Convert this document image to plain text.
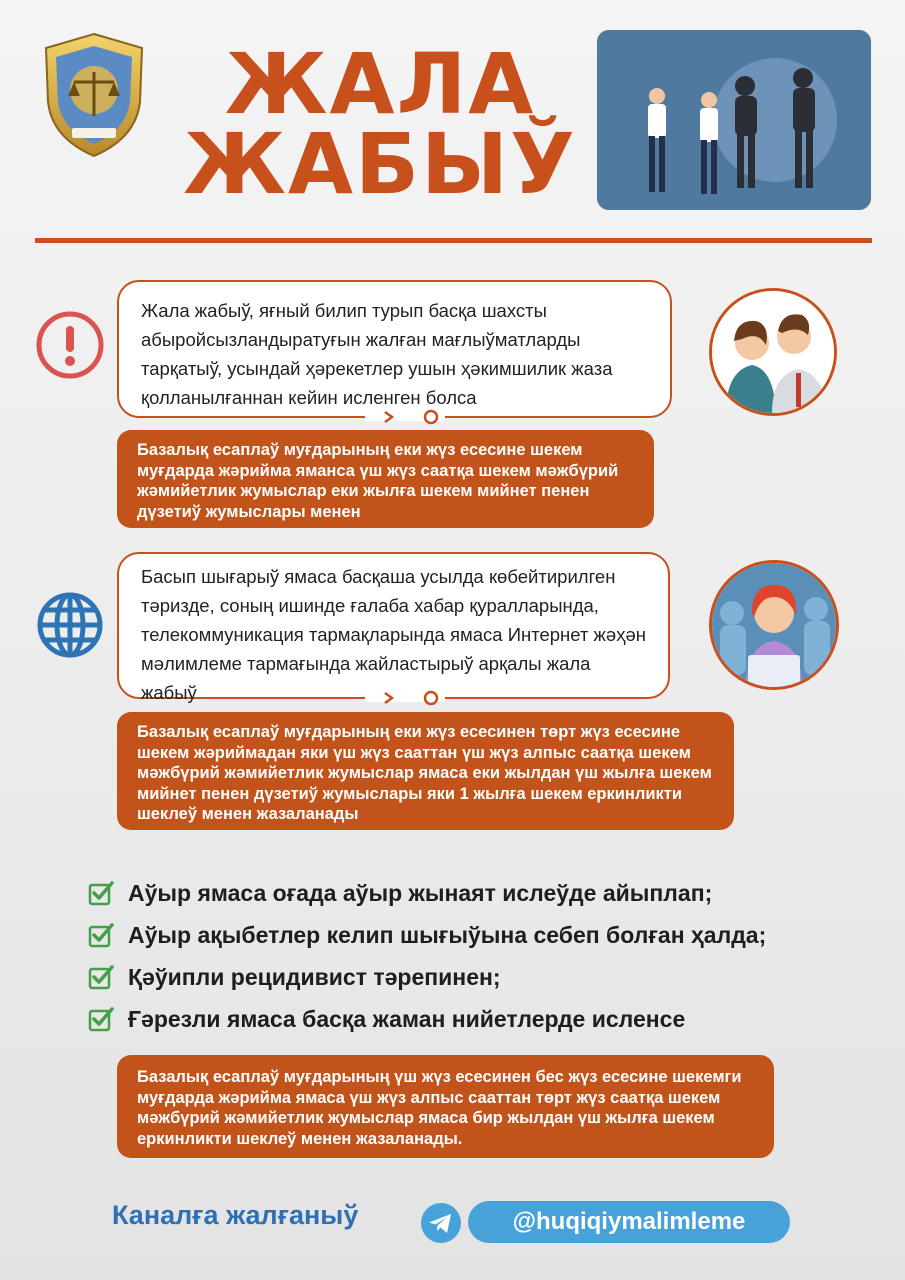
ЖАЛА
ЖАБЫЎ
Жала жабыў, яғный билип турып басқа шахсты абыройсызландыратуғын жалған мағлыўматларды тарқатыў, усындай ҳәрекетлер ушын ҳәкимшилик жаза қолланылғаннан кейин исленген болса
Базалық есаплаў муғдарының еки жүз есесине шекем муғдарда жәрийма яманса үш жүз саатқа шекем мәжбүрий жәмийетлик жумыслар еки жылға шекем мийнет пенен дүзетиў жумыслары менен
Басып шығарыў ямаса басқаша усылда көбейтирилген тәризде, соның ишинде ғалаба хабар қуралларында, телекоммуникация тармақларында ямаса Интернет жәҳән мәлимлеме тармағында жайластырыў арқалы жала жабыў
Базалық есаплаў муғдарының еки жүз есесинен төрт жүз есесине шекем жәриймадан яки үш жүз сааттан үш жүз алпыс саатқа шекем мәжбүрий жәмийетлик жумыслар ямаса еки жылдан үш жылға шекем мийнет пенен дүзетиў жумыслары яки 1 жылға шекем еркинликти шеклеў менен жазаланады
Аўыр ямаса оғада аўыр жынаят ислеўде айыплап;
Аўыр ақыбетлер келип шығыўына себеп болған ҳалда;
Қәўипли рецидивист тәрепинен;
Ғәрезли ямаса басқа жаман нийетлерде исленсе
Базалық есаплаў муғдарының үш жүз есесинен бес жүз есесине шекемги муғдарда жәрийма ямаса үш жүз алпыс сааттан төрт жүз саатқа шекем мәжбүрий жәмийетлик жумыслар ямаса бир жылдан үш жылға шекем еркинликти шеклеў менен жазаланады.
Каналға жалғаныў	@huqiqiymalimleme
